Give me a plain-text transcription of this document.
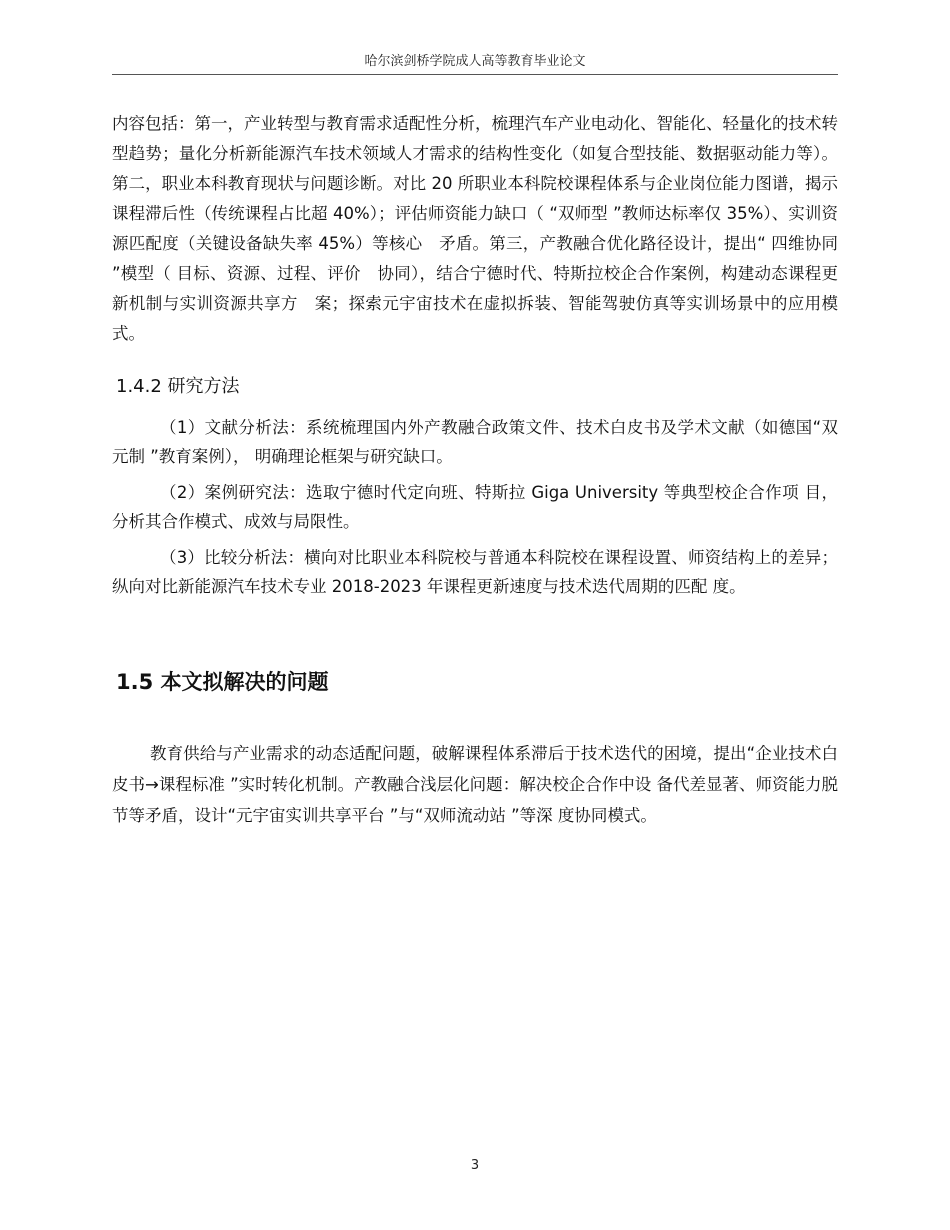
哈尔滨剑桥学院成人高等教育毕业论文

内容包括：第一，产业转型与教育需求适配性分析，梳理汽车产业电动化、智能化、轻量化的技术转型趋势；量化分析新能源汽车技术领域人才需求的结构性变化（如复合型技能、数据驱动能力等）。第二，职业本科教育现状与问题诊断。对比 20 所职业本科院校课程体系与企业岗位能力图谱，揭示课程滞后性（传统课程占比超 40%）；评估师资能力缺口（ “双师型 ”教师达标率仅 35%）、实训资源匹配度（关键设备缺失率 45%）等核心　矛盾。第三，产教融合优化路径设计，提出“ 四维协同 ”模型（ 目标、资源、过程、评价　协同），结合宁德时代、特斯拉校企合作案例，构建动态课程更新机制与实训资源共享方　案；探索元宇宙技术在虚拟拆装、智能驾驶仿真等实训场景中的应用模式。

1.4.2 研究方法

（1）文献分析法：系统梳理国内外产教融合政策文件、技术白皮书及学术文献（如德国“双元制 ”教育案例）， 明确理论框架与研究缺口。

（2）案例研究法：选取宁德时代定向班、特斯拉 Giga University 等典型校企合作项 目，分析其合作模式、成效与局限性。

（3）比较分析法：横向对比职业本科院校与普通本科院校在课程设置、师资结构上的差异；纵向对比新能源汽车技术专业 2018-2023 年课程更新速度与技术迭代周期的匹配 度。

1.5 本文拟解决的问题

教育供给与产业需求的动态适配问题，破解课程体系滞后于技术迭代的困境，提出“企业技术白皮书→课程标准 ”实时转化机制。产教融合浅层化问题：解决校企合作中设 备代差显著、师资能力脱节等矛盾，设计“元宇宙实训共享平台 ”与“双师流动站 ”等深 度协同模式。

3
